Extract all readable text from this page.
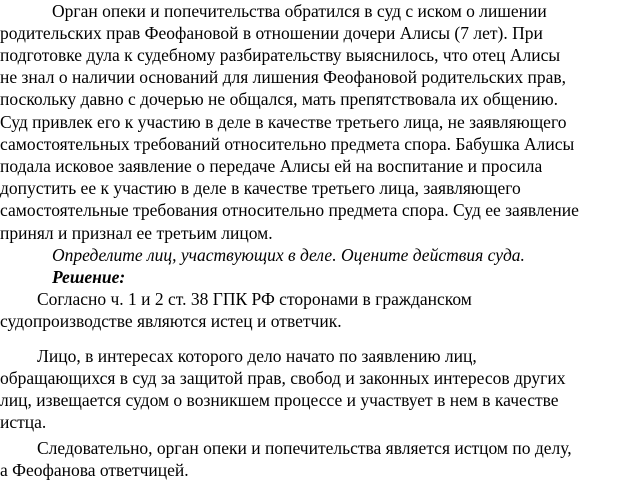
Орган опеки и попечительства обратился в суд с иском о лишении
родительских прав Феофановой в отношении дочери Алисы (7 лет). При
подготовке дула к судебному разбирательству выяснилось, что отец Алисы
не знал о наличии оснований для лишения Феофановой родительских прав,
поскольку давно с дочерью не общался, мать препятствовала их общению.
Суд привлек его к участию в деле в качестве третьего лица, не заявляющего
самостоятельных требований относительно предмета спора. Бабушка Алисы
подала исковое заявление о передаче Алисы ей на воспитание и просила
допустить ее к участию в деле в качестве третьего лица, заявляющего
самостоятельные требования относительно предмета спора. Суд ее заявление
принял и признал ее третьим лицом.
Определите лиц, участвующих в деле. Оцените действия суда.
Решение:
Согласно ч. 1 и 2 ст. 38 ГПК РФ сторонами в гражданском
судопроизводстве являются истец и ответчик.
Лицо, в интересах которого дело начато по заявлению лиц,
обращающихся в суд за защитой прав, свобод и законных интересов других
лиц, извещается судом о возникшем процессе и участвует в нем в качестве
истца.
Следовательно, орган опеки и попечительства является истцом по делу,
а Феофанова ответчицей.
